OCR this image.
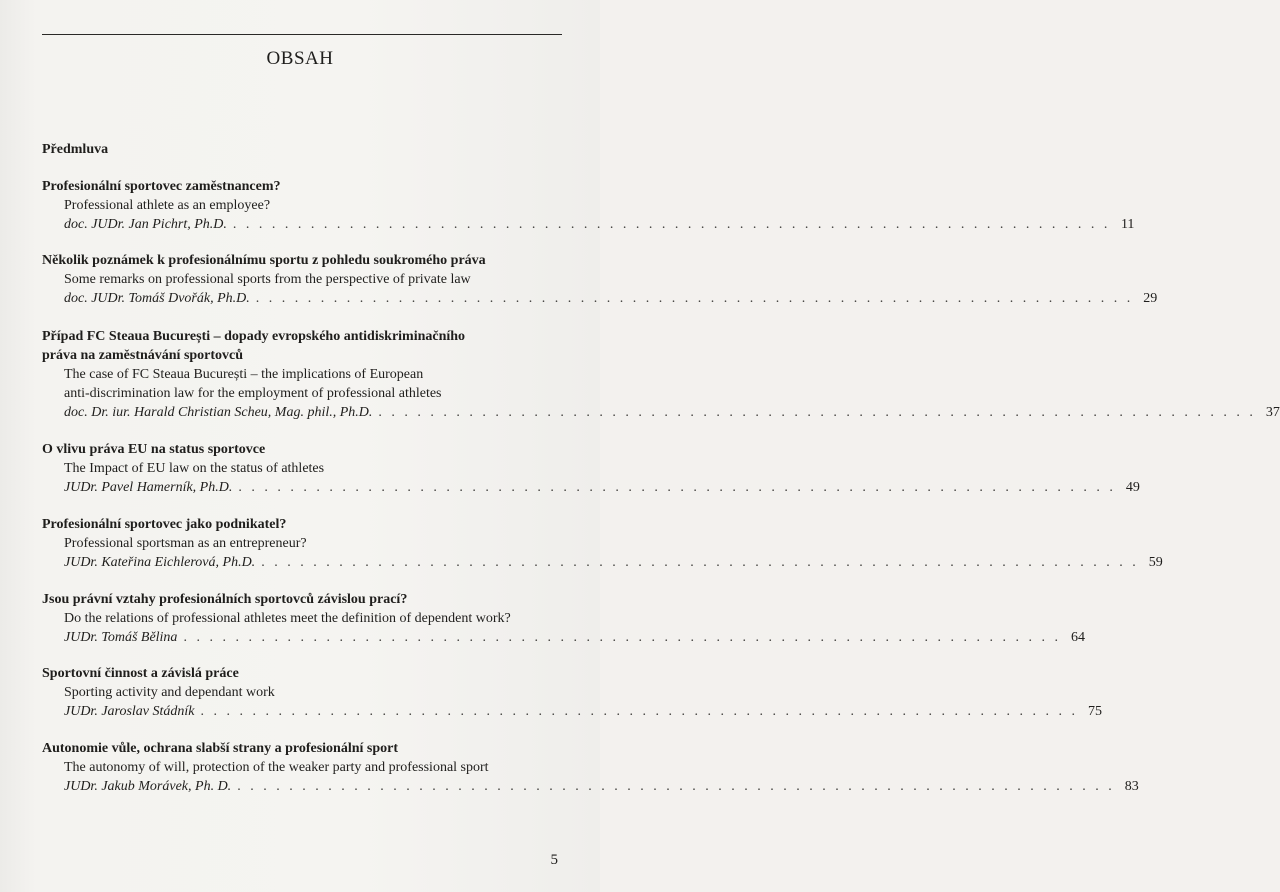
OBSAH
Předmluva
Profesionální sportovec zaměstnancem?
Professional athlete as an employee?
doc. JUDr. Jan Pichrt, Ph.D. . . . . . . . . . . . . . . . . . . . . . . . . . . . . . . . . . . . . . . . . . . . . . . . . . . . . . . . . . . . . . . . . . . . . 11
Několik poznámek k profesionálnímu sportu z pohledu soukromého práva
Some remarks on professional sports from the perspective of private law
doc. JUDr. Tomáš Dvořák, Ph.D. . . . . . . . . . . . . . . . . . . . . . . . . . . . . . . . . . . . . . . . . . . . . . . . . . . . . . . . . . . . . . . . . . . . . 29
Případ FC Steaua București – dopady evropského antidiskriminačního
práva na zaměstnávání sportovců
The case of FC Steaua București – the implications of European
anti-discrimination law for the employment of professional athletes
doc. Dr. iur. Harald Christian Scheu, Mag. phil., Ph.D. . . . . . . . . . . . . . . . . . . . . . . . . . . . . . . . . . . . . . . . . . . . . . . . . . . . . . . . . . . . . . . . . . . . . 37
O vlivu práva EU na status sportovce
The Impact of EU law on the status of athletes
JUDr. Pavel Hamerník, Ph.D. . . . . . . . . . . . . . . . . . . . . . . . . . . . . . . . . . . . . . . . . . . . . . . . . . . . . . . . . . . . . . . . . . . . . 49
Profesionální sportovec jako podnikatel?
Professional sportsman as an entrepreneur?
JUDr. Kateřina Eichlerová, Ph.D. . . . . . . . . . . . . . . . . . . . . . . . . . . . . . . . . . . . . . . . . . . . . . . . . . . . . . . . . . . . . . . . . . . . . 59
Jsou právní vztahy profesionálních sportovců závislou prací?
Do the relations of professional athletes meet the definition of dependent work?
JUDr. Tomáš Bělina . . . . . . . . . . . . . . . . . . . . . . . . . . . . . . . . . . . . . . . . . . . . . . . . . . . . . . . . . . . . . . . . . . . . 64
Sportovní činnost a závislá práce
Sporting activity and dependant work
JUDr. Jaroslav Stádník . . . . . . . . . . . . . . . . . . . . . . . . . . . . . . . . . . . . . . . . . . . . . . . . . . . . . . . . . . . . . . . . . . . . 75
Autonomie vůle, ochrana slabší strany a profesionální sport
The autonomy of will, protection of the weaker party and professional sport
JUDr. Jakub Morávek, Ph. D. . . . . . . . . . . . . . . . . . . . . . . . . . . . . . . . . . . . . . . . . . . . . . . . . . . . . . . . . . . . . . . . . . . . . 83
5
